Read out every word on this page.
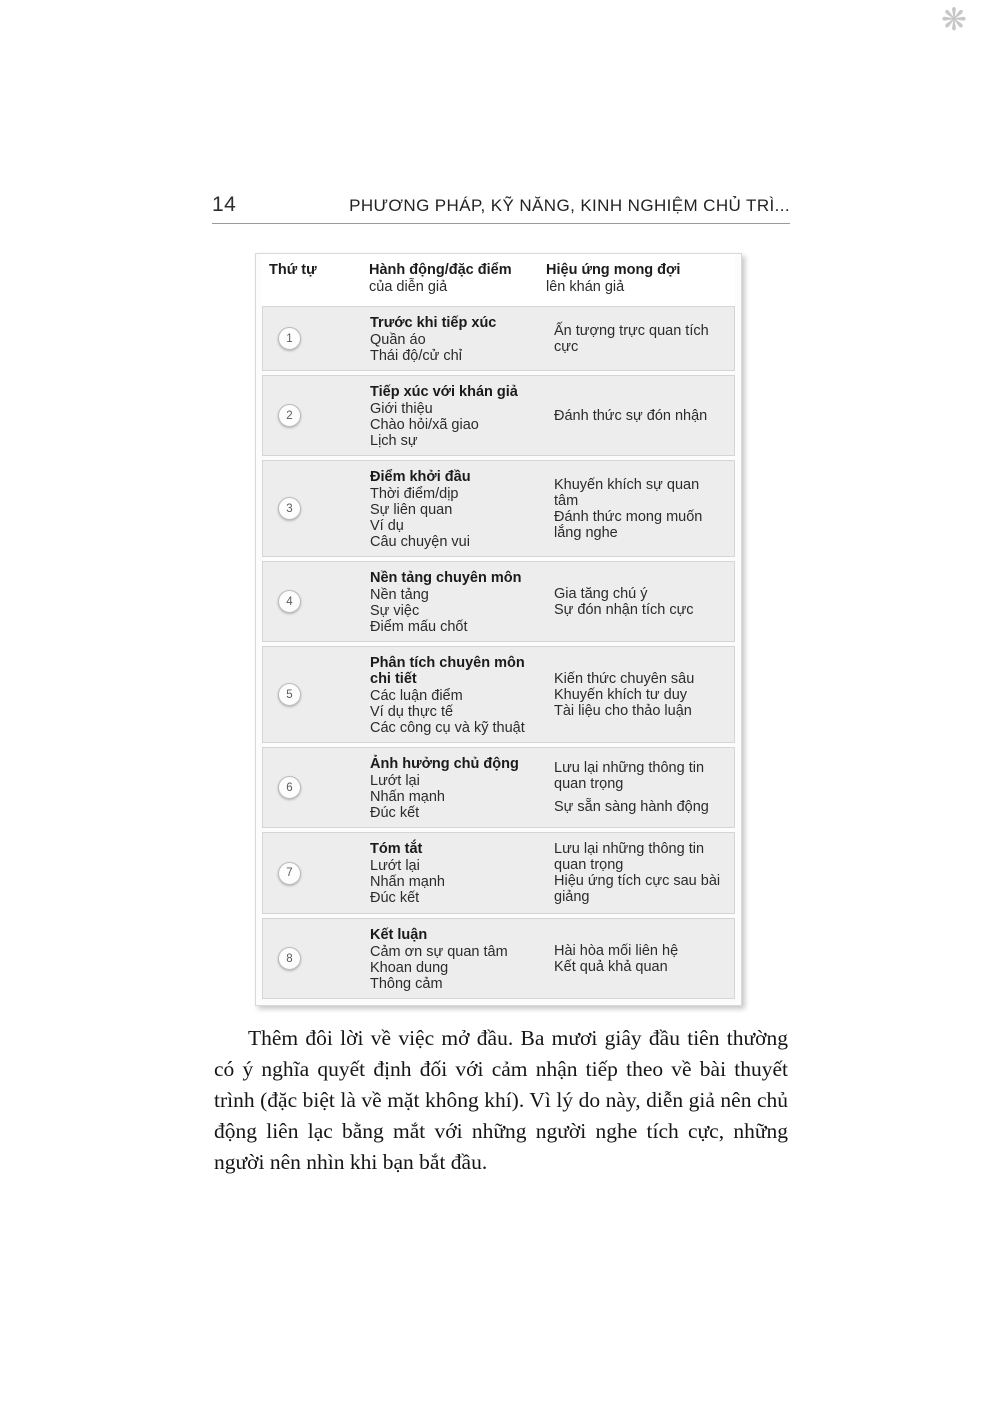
❋
14	PHƯƠNG PHÁP, KỸ NĂNG, KINH NGHIỆM CHỦ TRÌ...
Thứ tự	Hành động/đặc điểm
của diễn giả
Hiệu ứng mong đợi
lên khán giả
1
Trước khi tiếp xúc
Quần áo
Thái độ/cử chỉ
Ấn tượng trực quan tích cực
2
Tiếp xúc với khán giả
Giới thiệu
Chào hỏi/xã giao
Lịch sự
Đánh thức sự đón nhận
3
Điểm khởi đầu
Thời điểm/dịp
Sự liên quan
Ví dụ
Câu chuyện vui
Khuyến khích sự quan tâm
Đánh thức mong muốn lắng nghe
4
Nền tảng chuyên môn
Nền tảng
Sự việc
Điểm mấu chốt
Gia tăng chú ý
Sự đón nhận tích cực
5
Phân tích chuyên môn chi tiết
Các luận điểm
Ví dụ thực tế
Các công cụ và kỹ thuật
Kiến thức chuyên sâu
Khuyến khích tư duy
Tài liệu cho thảo luận
6
Ảnh hưởng chủ động
Lướt lại
Nhấn mạnh
Đúc kết
Lưu lại những thông tin quan trọng
Sự sẵn sàng hành động
7
Tóm tắt
Lướt lại
Nhấn mạnh
Đúc kết
Lưu lại những thông tin quan trọng
Hiệu ứng tích cực sau bài giảng
8
Kết luận
Cảm ơn sự quan tâm
Khoan dung
Thông cảm
Hài hòa mối liên hệ
Kết quả khả quan

Thêm đôi lời về việc mở đầu. Ba mươi giây đầu tiên thường có ý nghĩa quyết định đối với cảm nhận tiếp theo về bài thuyết trình (đặc biệt là về mặt không khí). Vì lý do này, diễn giả nên chủ động liên lạc bằng mắt với những người nghe tích cực, những người nên nhìn khi bạn bắt đầu.
